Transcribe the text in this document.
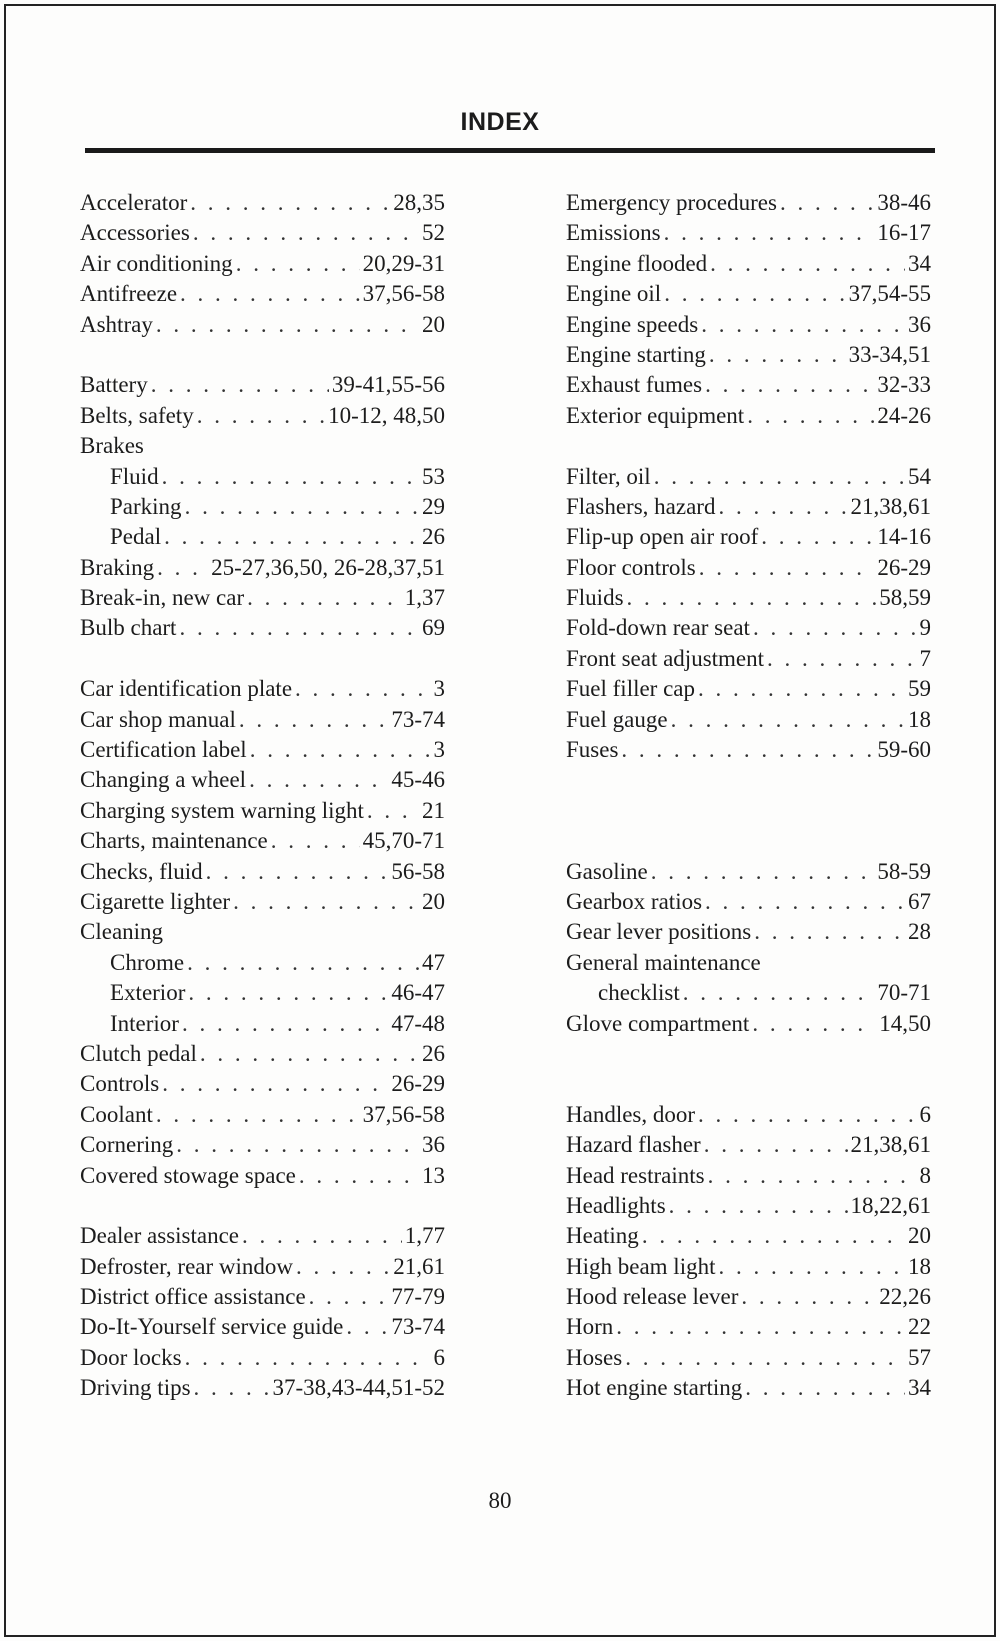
INDEX
Accelerator . . .	28,35
Accessories . . .	52
Air conditioning . . .	20,29-31
Antifreeze . . .	37,56-58
Ashtray . . .	20
Battery . . .	39-41,55-56
Belts, safety . . .	10-12, 48,50
Brakes
Fluid . . .	53
Parking . . .	29
Pedal . . .	26
Braking . . . 25-27,36,50, 26-28,37,51
Break-in, new car . . .	1,37
Bulb chart . . .	69
Car identification plate . . .	3
Car shop manual . . .	73-74
Certification label . . .	3
Changing a wheel . . .	45-46
Charging system warning light . . .	21
Charts, maintenance . . .	45,70-71
Checks, fluid . . .	56-58
Cigarette lighter . . .	20
Cleaning
Chrome . . .	47
Exterior . . .	46-47
Interior . . .	47-48
Clutch pedal . . .	26
Controls . . .	26-29
Coolant . . .	37,56-58
Cornering . . .	36
Covered stowage space . . .	13
Dealer assistance . . .	1,77
Defroster, rear window . . .	21,61
District office assistance . . .	77-79
Do-It-Yourself service guide . . . 73-74
Door locks . . .	6
Driving tips . . .	37-38,43-44,51-52
Emergency procedures . . .	38-46
Emissions . . .	16-17
Engine flooded . . .	34
Engine oil . . .	37,54-55
Engine speeds . . .	36
Engine starting . . .	33-34,51
Exhaust fumes . . .	32-33
Exterior equipment . . .	24-26
Filter, oil . . .	54
Flashers, hazard . . .	21,38,61
Flip-up open air roof . . .	14-16
Floor controls . . .	26-29
Fluids . . .	58,59
Fold-down rear seat . . .	9
Front seat adjustment . . .	7
Fuel filler cap . . .	59
Fuel gauge . . .	18
Fuses . . .	59-60
Gasoline . . .	58-59
Gearbox ratios . . .	67
Gear lever positions . . .	28
General maintenance
checklist . . .	70-71
Glove compartment . . .	14,50
Handles, door . . .	6
Hazard flasher . . .	21,38,61
Head restraints . . .	8
Headlights . . .	18,22,61
Heating . . .	20
High beam light . . .	18
Hood release lever . . .	22,26
Horn . . .	22
Hoses . . .	57
Hot engine starting . . .	34
80
